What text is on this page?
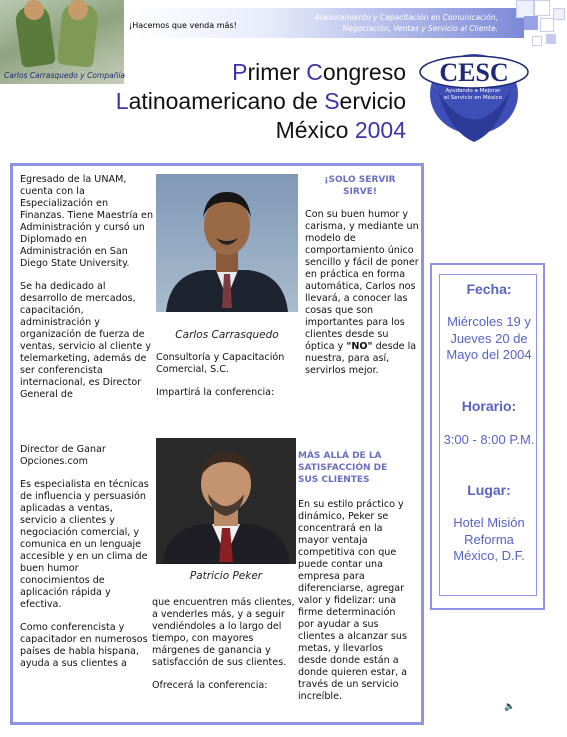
Carlos Carrasquedo y Compañía
¡Hacemos que venda más!
Asesoramiento y Capacitación en Comunicación,
Negociación, Ventas y Servicio al Cliente.
Primer Congreso
Latinoamericano de Servicio
México 2004
CESC
Ayudando a Mejorar
el Servicio en México

Egresado de la UNAM, cuenta con la Especialización en Finanzas. Tiene Maestría en Administración y cursó un Diplomado en Administración en San Diego State University.

Se ha dedicado al desarrollo de mercados, capacitación, administración y organización de fuerza de ventas, servicio al cliente y telemarketing, además de ser conferencista internacional, es Director General de

Carlos Carrasquedo

Consultoría y Capacitación Comercial, S.C.

Impartirá la conferencia:

¡SOLO SERVIR
SIRVE!
Con su buen humor y carisma, y mediante un modelo de comportamiento único sencillo y fácil de poner en práctica en forma automática, Carlos nos llevará, a conocer las cosas que son importantes para los clientes desde su óptica y "NO" desde la nuestra, para así, servirlos mejor.

Director de Ganar Opciones.com

Es especialista en técnicas de influencia y persuasión aplicadas a ventas, servicio a clientes y negociación comercial, y comunica en un lenguaje accesible y en un clima de buen humor conocimientos de aplicación rápida y efectiva.

Como conferencista y capacitador en numerosos países de habla hispana, ayuda a sus clientes a

Patricio Peker

que encuentren más clientes, a venderles más, y a seguir vendiéndoles a lo largo del tiempo, con mayores márgenes de ganancia y satisfacción de sus clientes.

Ofrecerá la conferencia:

MÁS ALLÁ DE LA SATISFACCIÓN DE SUS CLIENTES
En su estilo práctico y dinámico, Peker se concentrará en la mayor ventaja competitiva con que puede contar una empresa para diferenciarse, agregar valor y fidelizar: una firme determinación por ayudar a sus clientes a alcanzar sus metas, y llevarlos desde donde están a donde quieren estar, a través de un servicio increíble.
Fecha:
Miércoles 19 y Jueves 20 de Mayo del 2004
Horario:
3:00 - 8:00 P.M.
Lugar:
Hotel Misión Reforma México, D.F.
🔈
